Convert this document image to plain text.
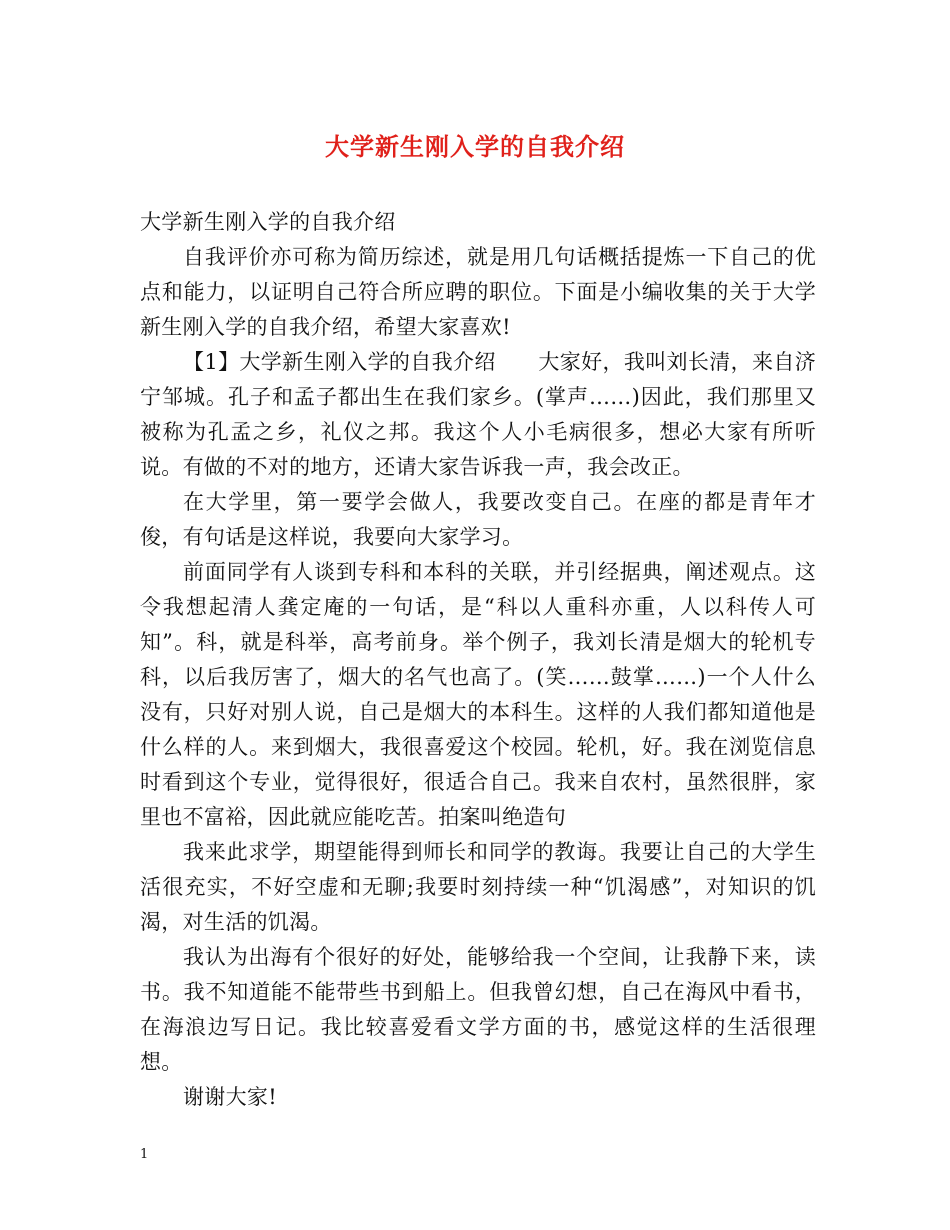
大学新生刚入学的自我介绍

大学新生刚入学的自我介绍

自我评价亦可称为简历综述，就是用几句话概括提炼一下自己的优点和能力，以证明自己符合所应聘的职位。下面是小编收集的关于大学新生刚入学的自我介绍，希望大家喜欢!

【1】大学新生刚入学的自我介绍　　大家好，我叫刘长清，来自济宁邹城。孔子和孟子都出生在我们家乡。(掌声……)因此，我们那里又被称为孔孟之乡，礼仪之邦。我这个人小毛病很多，想必大家有所听说。有做的不对的地方，还请大家告诉我一声，我会改正。

在大学里，第一要学会做人，我要改变自己。在座的都是青年才俊，有句话是这样说，我要向大家学习。

前面同学有人谈到专科和本科的关联，并引经据典，阐述观点。这令我想起清人龚定庵的一句话，是“科以人重科亦重，人以科传人可知”。科，就是科举，高考前身。举个例子，我刘长清是烟大的轮机专科，以后我厉害了，烟大的名气也高了。(笑……鼓掌……)一个人什么没有，只好对别人说，自己是烟大的本科生。这样的人我们都知道他是什么样的人。来到烟大，我很喜爱这个校园。轮机，好。我在浏览信息时看到这个专业，觉得很好，很适合自己。我来自农村，虽然很胖，家里也不富裕，因此就应能吃苦。拍案叫绝造句

我来此求学，期望能得到师长和同学的教诲。我要让自己的大学生活很充实，不好空虚和无聊;我要时刻持续一种“饥渴感”，对知识的饥渴，对生活的饥渴。

我认为出海有个很好的好处，能够给我一个空间，让我静下来，读书。我不知道能不能带些书到船上。但我曾幻想，自己在海风中看书，在海浪边写日记。我比较喜爱看文学方面的书，感觉这样的生活很理想。

谢谢大家!

1
